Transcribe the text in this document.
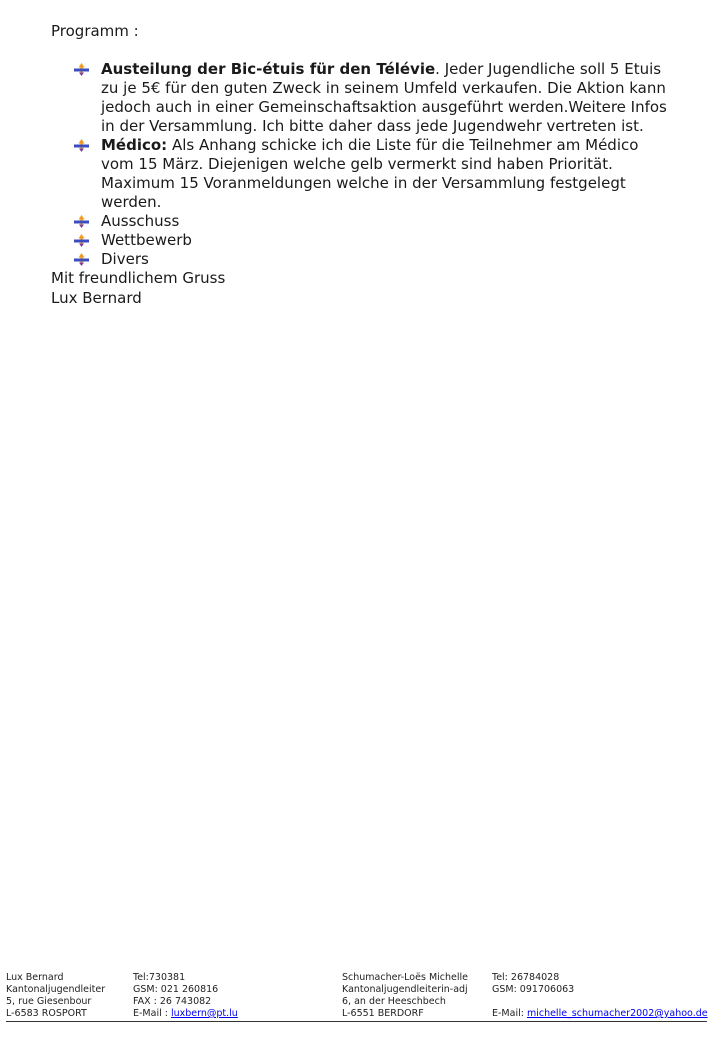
Programm :

Austeilung der Bic-étuis für den Télévie. Jeder Jugendliche soll 5 Etuis zu je 5€ für den guten Zweck in seinem Umfeld verkaufen. Die Aktion kann jedoch auch in einer Gemeinschaftsaktion ausgeführt werden.Weitere Infos in der Versammlung. Ich bitte daher dass jede Jugendwehr vertreten ist.
Médico: Als Anhang schicke ich die Liste für die Teilnehmer am Médico vom 15 März. Diejenigen welche gelb vermerkt sind haben Priorität. Maximum 15 Voranmeldungen welche in der Versammlung festgelegt werden.
Ausschuss
Wettbewerb
Divers
Mit freundlichem Gruss
Lux Bernard
Lux Bernard
Kantonaljugendleiter
5, rue Giesenbour
L-6583 ROSPORT
Tel:730381
GSM: 021 260816
FAX : 26 743082
E-Mail : luxbern@pt.lu
Schumacher-Loës Michelle
Kantonaljugendleiterin-adj
6, an der Heeschbech
L-6551 BERDORF
Tel: 26784028
GSM: 091706063
E-Mail: michelle_schumacher2002@yahoo.de
